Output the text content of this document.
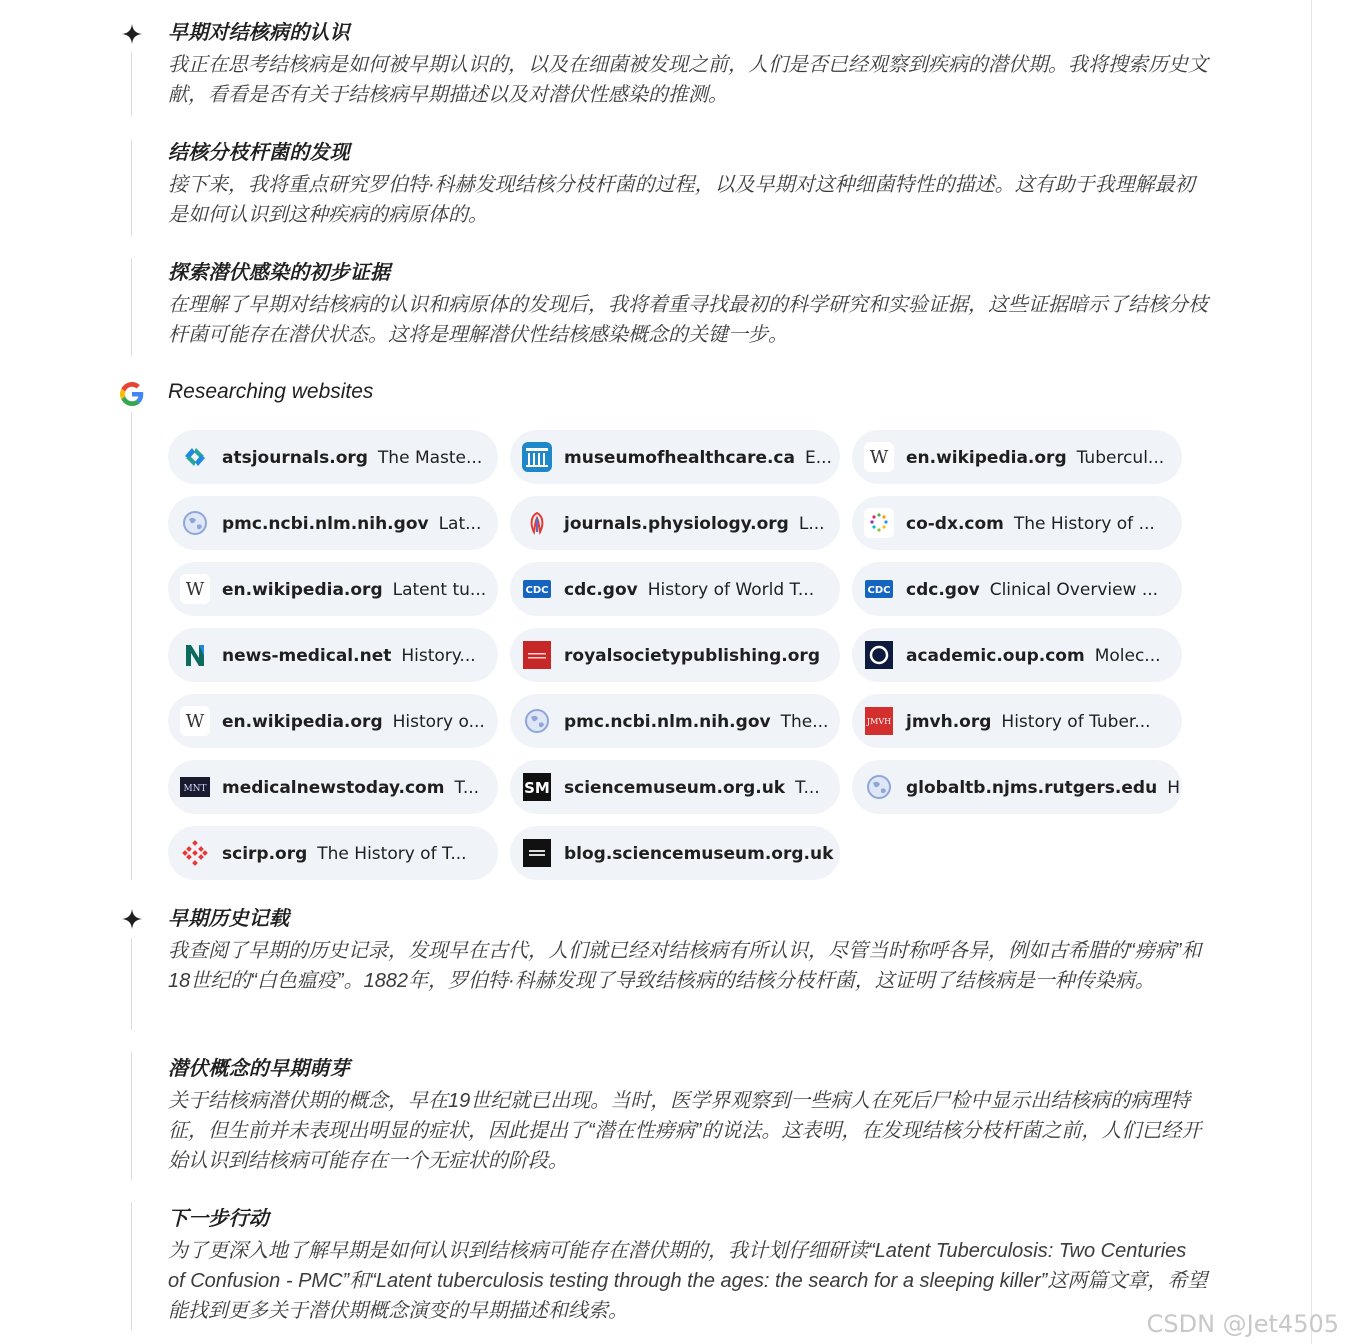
早期对结核病的认识
我正在思考结核病是如何被早期认识的，以及在细菌被发现之前，人们是否已经观察到疾病的潜伏期。我将搜索历史文献，看看是否有关于结核病早期描述以及对潜伏性感染的推测。
结核分枝杆菌的发现
接下来，我将重点研究罗伯特·科赫发现结核分枝杆菌的过程，以及早期对这种细菌特性的描述。这有助于我理解最初是如何认识到这种疾病的病原体的。
探索潜伏感染的初步证据
在理解了早期对结核病的认识和病原体的发现后，我将着重寻找最初的科学研究和实验证据，这些证据暗示了结核分枝杆菌可能存在潜伏状态。这将是理解潜伏性结核感染概念的关键一步。
Researching websites
atsjournals.org The Maste...	museumofhealthcare.ca E...	W	en.wikipedia.org Tubercul...
pmc.ncbi.nlm.nih.gov Lat...	journals.physiology.org L...	co-dx.com The History of ...
W	en.wikipedia.org Latent tu...	CDC cdc.gov History of World T...	CDC cdc.gov Clinical Overview ...
news-medical.net History...	royalsocietypublishing.org	academic.oup.com Molec...
W	en.wikipedia.org History o...	pmc.ncbi.nlm.nih.gov The...	JMVH jmvh.org History of Tuber...
MNT medicalnewstoday.com T...	SM sciencemuseum.org.uk T...	globaltb.njms.rutgers.edu H
scirp.org The History of T...	blog.sciencemuseum.org.uk
早期历史记载
我查阅了早期的历史记录，发现早在古代，人们就已经对结核病有所认识，尽管当时称呼各异，例如古希腊的“痨病”和18世纪的“白色瘟疫”。1882年，罗伯特·科赫发现了导致结核病的结核分枝杆菌，这证明了结核病是一种传染病。
潜伏概念的早期萌芽
关于结核病潜伏期的概念，早在19世纪就已出现。当时，医学界观察到一些病人在死后尸检中显示出结核病的病理特征，但生前并未表现出明显的症状，因此提出了“潜在性痨病”的说法。这表明，在发现结核分枝杆菌之前，人们已经开始认识到结核病可能存在一个无症状的阶段。
下一步行动
为了更深入地了解早期是如何认识到结核病可能存在潜伏期的，我计划仔细研读“Latent Tuberculosis: Two Centuries of Confusion - PMC”和“Latent tuberculosis testing through the ages: the search for a sleeping killer”这两篇文章，希望能找到更多关于潜伏期概念演变的早期描述和线索。	CSDN @Jet4505
